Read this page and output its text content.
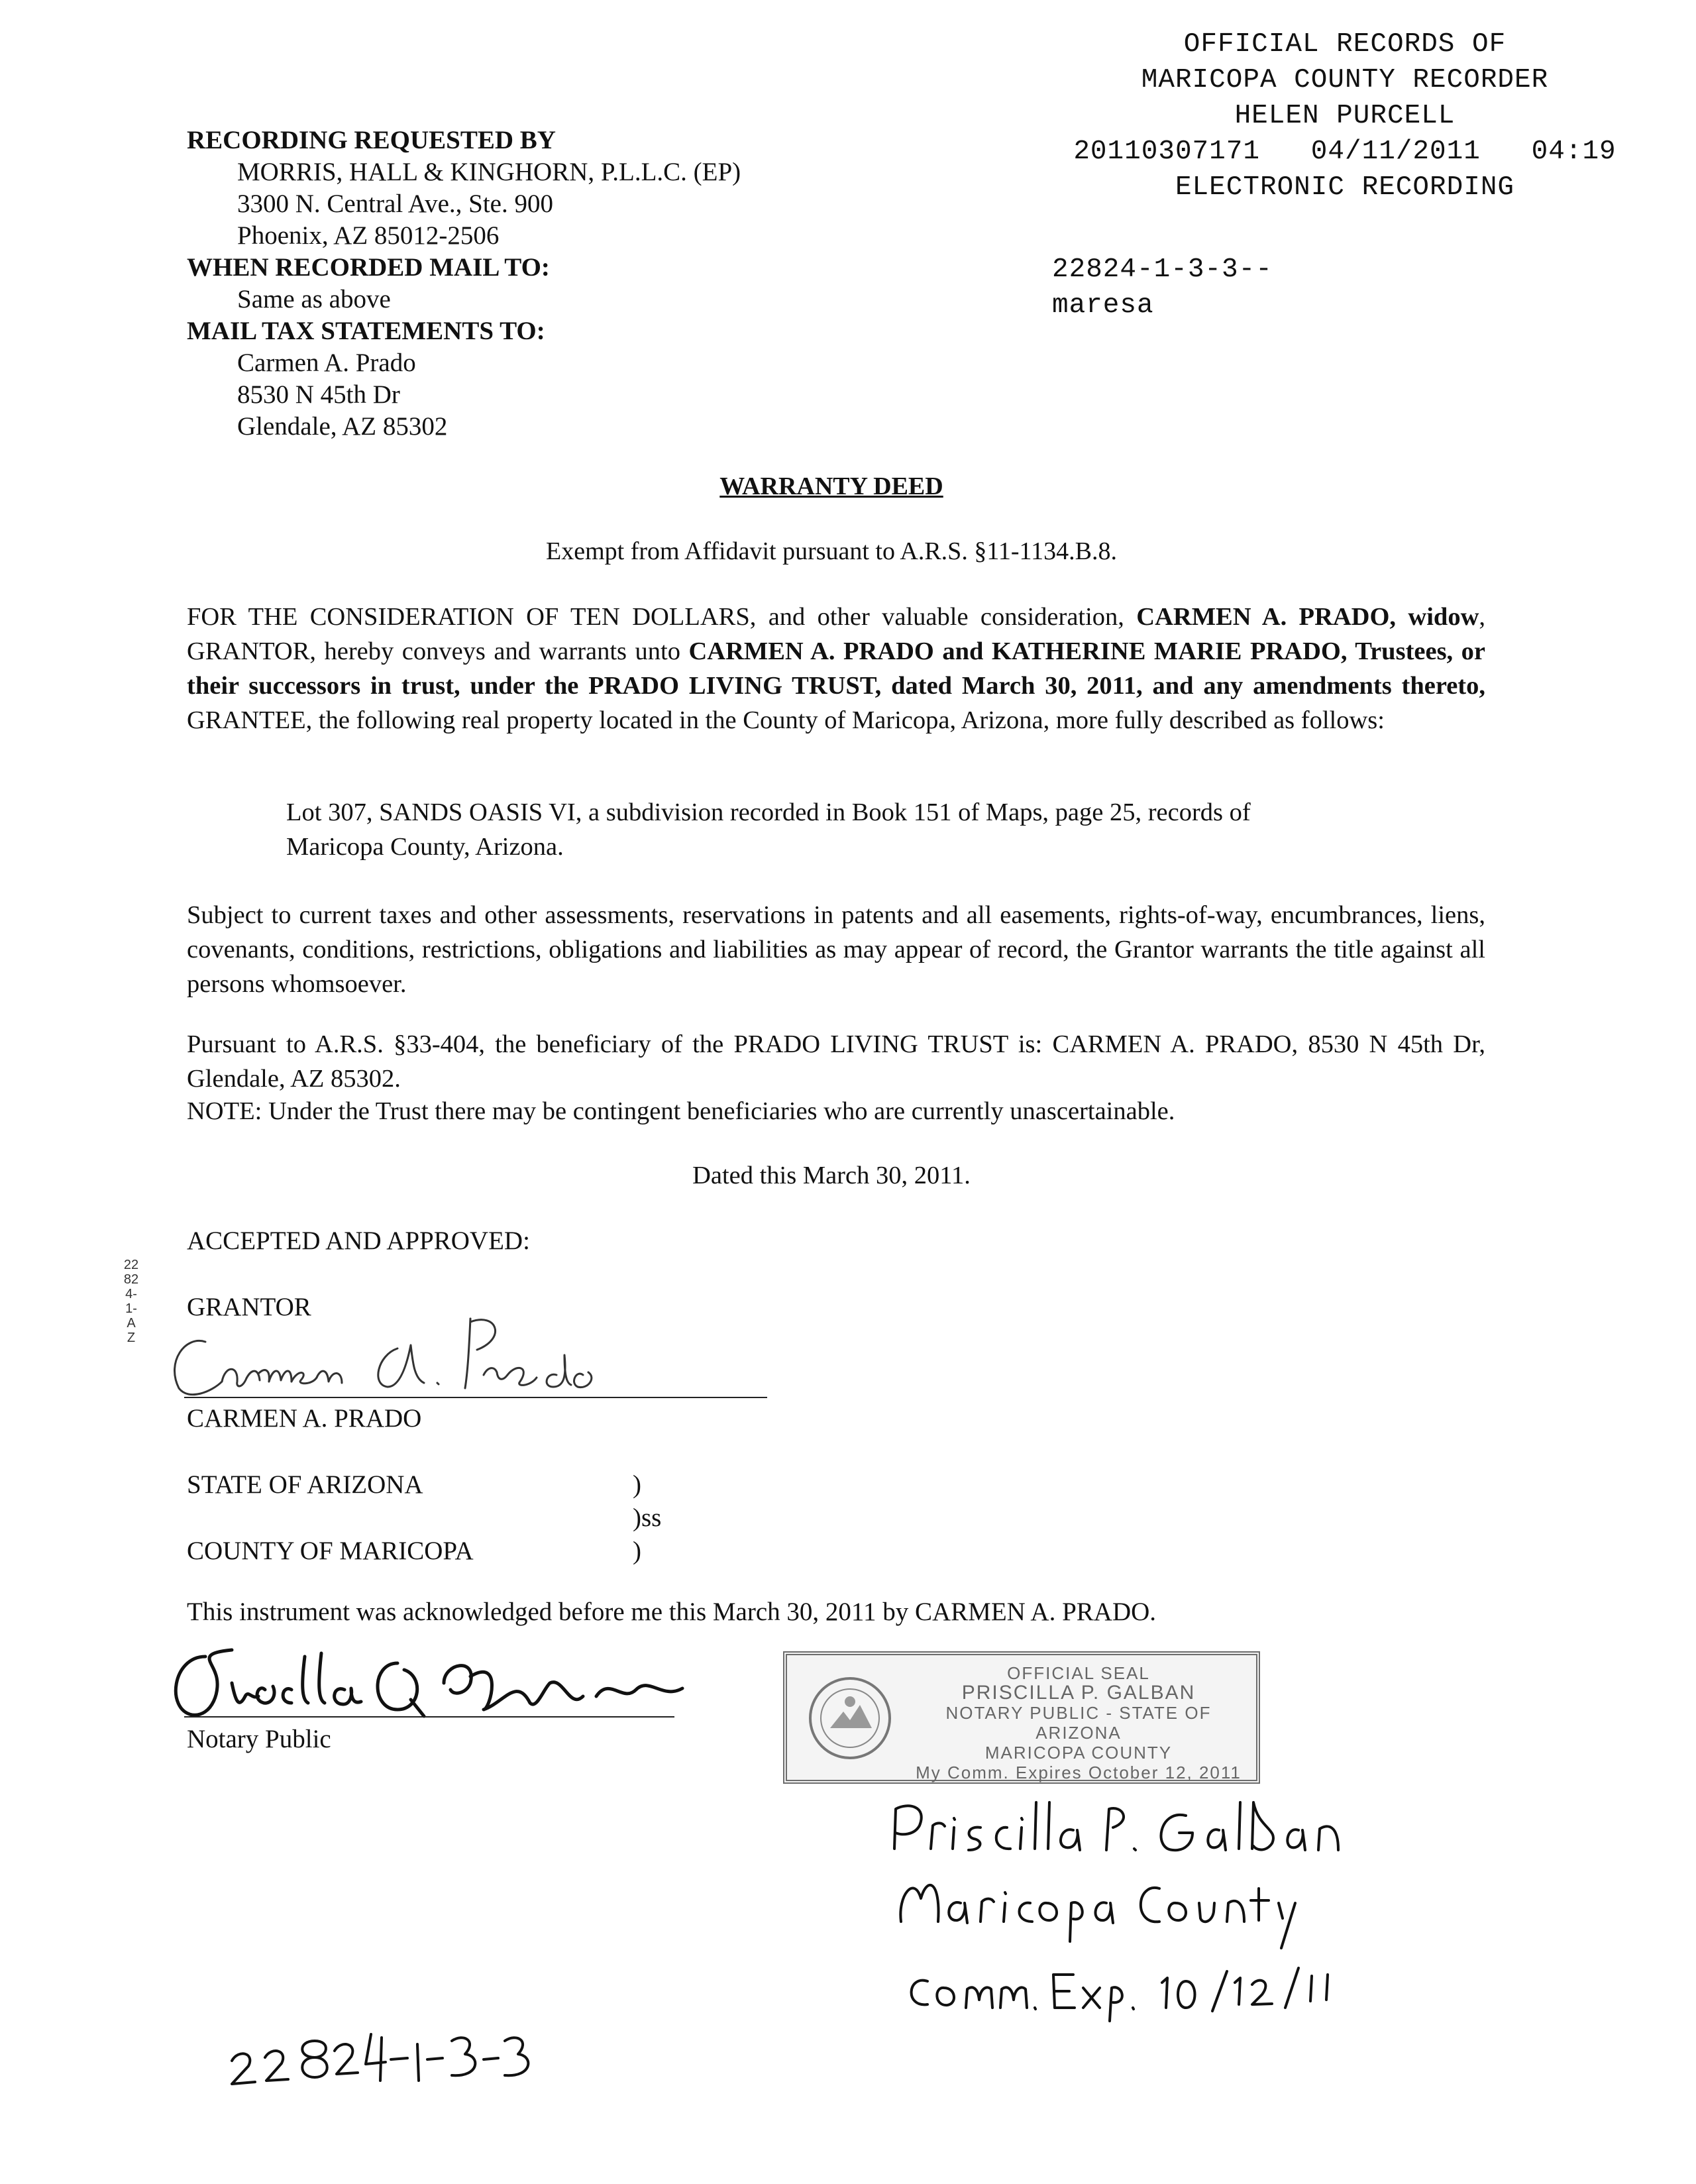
OFFICIAL RECORDS OF
MARICOPA COUNTY RECORDER
HELEN PURCELL
20110307171   04/11/2011   04:19
ELECTRONIC RECORDING
22824-1-3-3--
maresa
RECORDING REQUESTED BY
MORRIS, HALL & KINGHORN, P.L.L.C. (EP)
3300 N. Central Ave., Ste. 900
Phoenix, AZ 85012-2506
WHEN RECORDED MAIL TO:
Same as above
MAIL TAX STATEMENTS TO:
Carmen A. Prado
8530 N 45th Dr
Glendale, AZ 85302
WARRANTY DEED
Exempt from Affidavit pursuant to A.R.S. §11-1134.B.8.
FOR THE CONSIDERATION OF TEN DOLLARS, and other valuable consideration, CARMEN A. PRADO, widow, GRANTOR, hereby conveys and warrants unto CARMEN A. PRADO and KATHERINE MARIE PRADO, Trustees, or their successors in trust, under the PRADO LIVING TRUST, dated March 30, 2011, and any amendments thereto, GRANTEE, the following real property located in the County of Maricopa, Arizona, more fully described as follows:
Lot 307, SANDS OASIS VI, a subdivision recorded in Book 151 of Maps, page 25, records of Maricopa County, Arizona.
Subject to current taxes and other assessments, reservations in patents and all easements, rights-of-way, encumbrances, liens, covenants, conditions, restrictions, obligations and liabilities as may appear of record, the Grantor warrants the title against all persons whomsoever.
Pursuant to A.R.S. §33-404, the beneficiary of the PRADO LIVING TRUST is: CARMEN A. PRADO, 8530 N 45th Dr, Glendale, AZ 85302.
NOTE: Under the Trust there may be contingent beneficiaries who are currently unascertainable.
Dated this March 30, 2011.
ACCEPTED AND APPROVED:
GRANTOR
CARMEN A. PRADO
22824-1-AZ
STATE OF ARIZONA
COUNTY OF MARICOPA
)
)ss
)
This instrument was acknowledged before me this March 30, 2011 by CARMEN A. PRADO.
Notary Public
OFFICIAL SEAL
PRISCILLA P. GALBAN
NOTARY PUBLIC - STATE OF ARIZONA
MARICOPA COUNTY
My Comm. Expires October 12, 2011
